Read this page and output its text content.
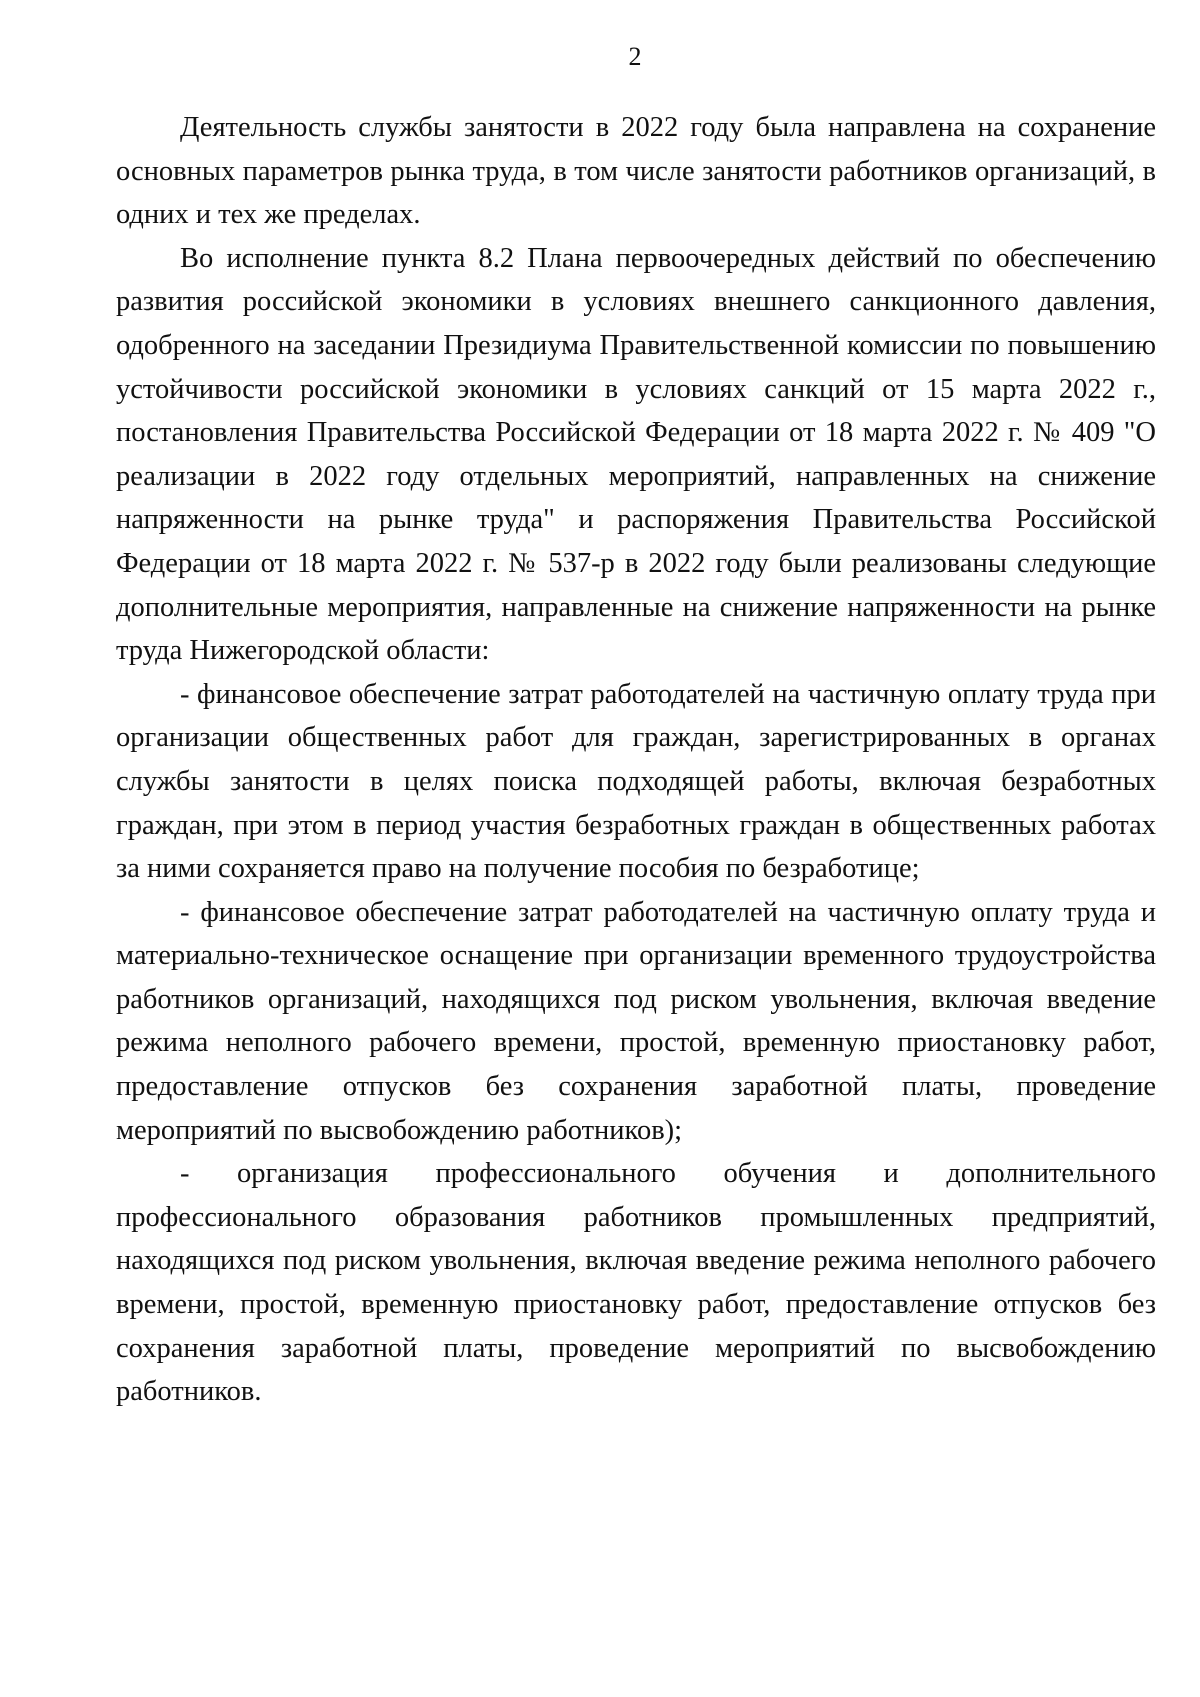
2

Деятельность службы занятости в 2022 году была направлена на сохранение основных параметров рынка труда, в том числе занятости работников организаций, в одних и тех же пределах.

Во исполнение пункта 8.2 Плана первоочередных действий по обеспечению развития российской экономики в условиях внешнего санкционного давления, одобренного на заседании Президиума Правительственной комиссии по повышению устойчивости российской экономики в условиях санкций от 15 марта 2022 г., постановления Правительства Российской Федерации от 18 марта 2022 г. № 409 "О реализации в 2022 году отдельных мероприятий, направленных на снижение напряженности на рынке труда" и распоряжения Правительства Российской Федерации от 18 марта 2022 г. № 537-р в 2022 году были реализованы следующие дополнительные мероприятия, направленные на снижение напряженности на рынке труда Нижегородской области:

- финансовое обеспечение затрат работодателей на частичную оплату труда при организации общественных работ для граждан, зарегистрированных в органах службы занятости в целях поиска подходящей работы, включая безработных граждан, при этом в период участия безработных граждан в общественных работах за ними сохраняется право на получение пособия по безработице;

- финансовое обеспечение затрат работодателей на частичную оплату труда и материально-техническое оснащение при организации временного трудоустройства работников организаций, находящихся под риском увольнения, включая введение режима неполного рабочего времени, простой, временную приостановку работ, предоставление отпусков без сохранения заработной платы, проведение мероприятий по высвобождению работников);

- организация профессионального обучения и дополнительного профессионального образования работников промышленных предприятий, находящихся под риском увольнения, включая введение режима неполного рабочего времени, простой, временную приостановку работ, предоставление отпусков без сохранения заработной платы, проведение мероприятий по высвобождению работников.
